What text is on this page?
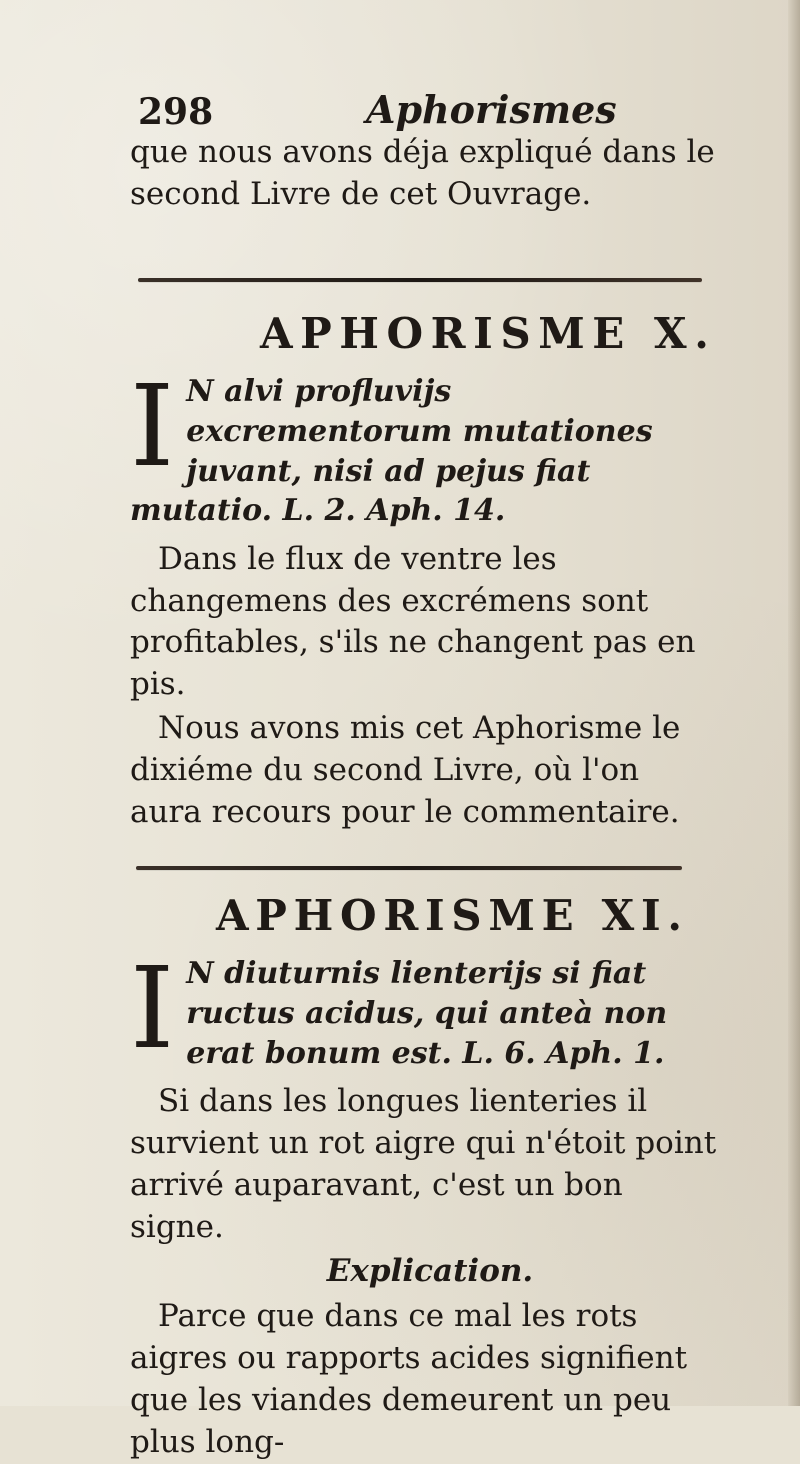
298	Aphorismes

que nous avons déja expliqué dans le second Livre de cet Ouvrage.

APHORISME X.

I N alvi profluvijs excrementorum mutationes juvant, nisi ad pejus fiat mutatio. L. 2. Aph. 14.

Dans le flux de ventre les changemens des excrémens sont profitables, s'ils ne changent pas en pis.

Nous avons mis cet Aphorisme le dixiéme du second Livre, où l'on aura recours pour le commentaire.

APHORISME XI.

I N diuturnis lienterijs si fiat ructus acidus, qui anteà non erat bonum est. L. 6. Aph. 1.

Si dans les longues lienteries il survient un rot aigre qui n'étoit point arrivé auparavant, c'est un bon signe.

Explication.

Parce que dans ce mal les rots aigres ou rapports acides signifient que les viandes demeurent un peu plus long-
